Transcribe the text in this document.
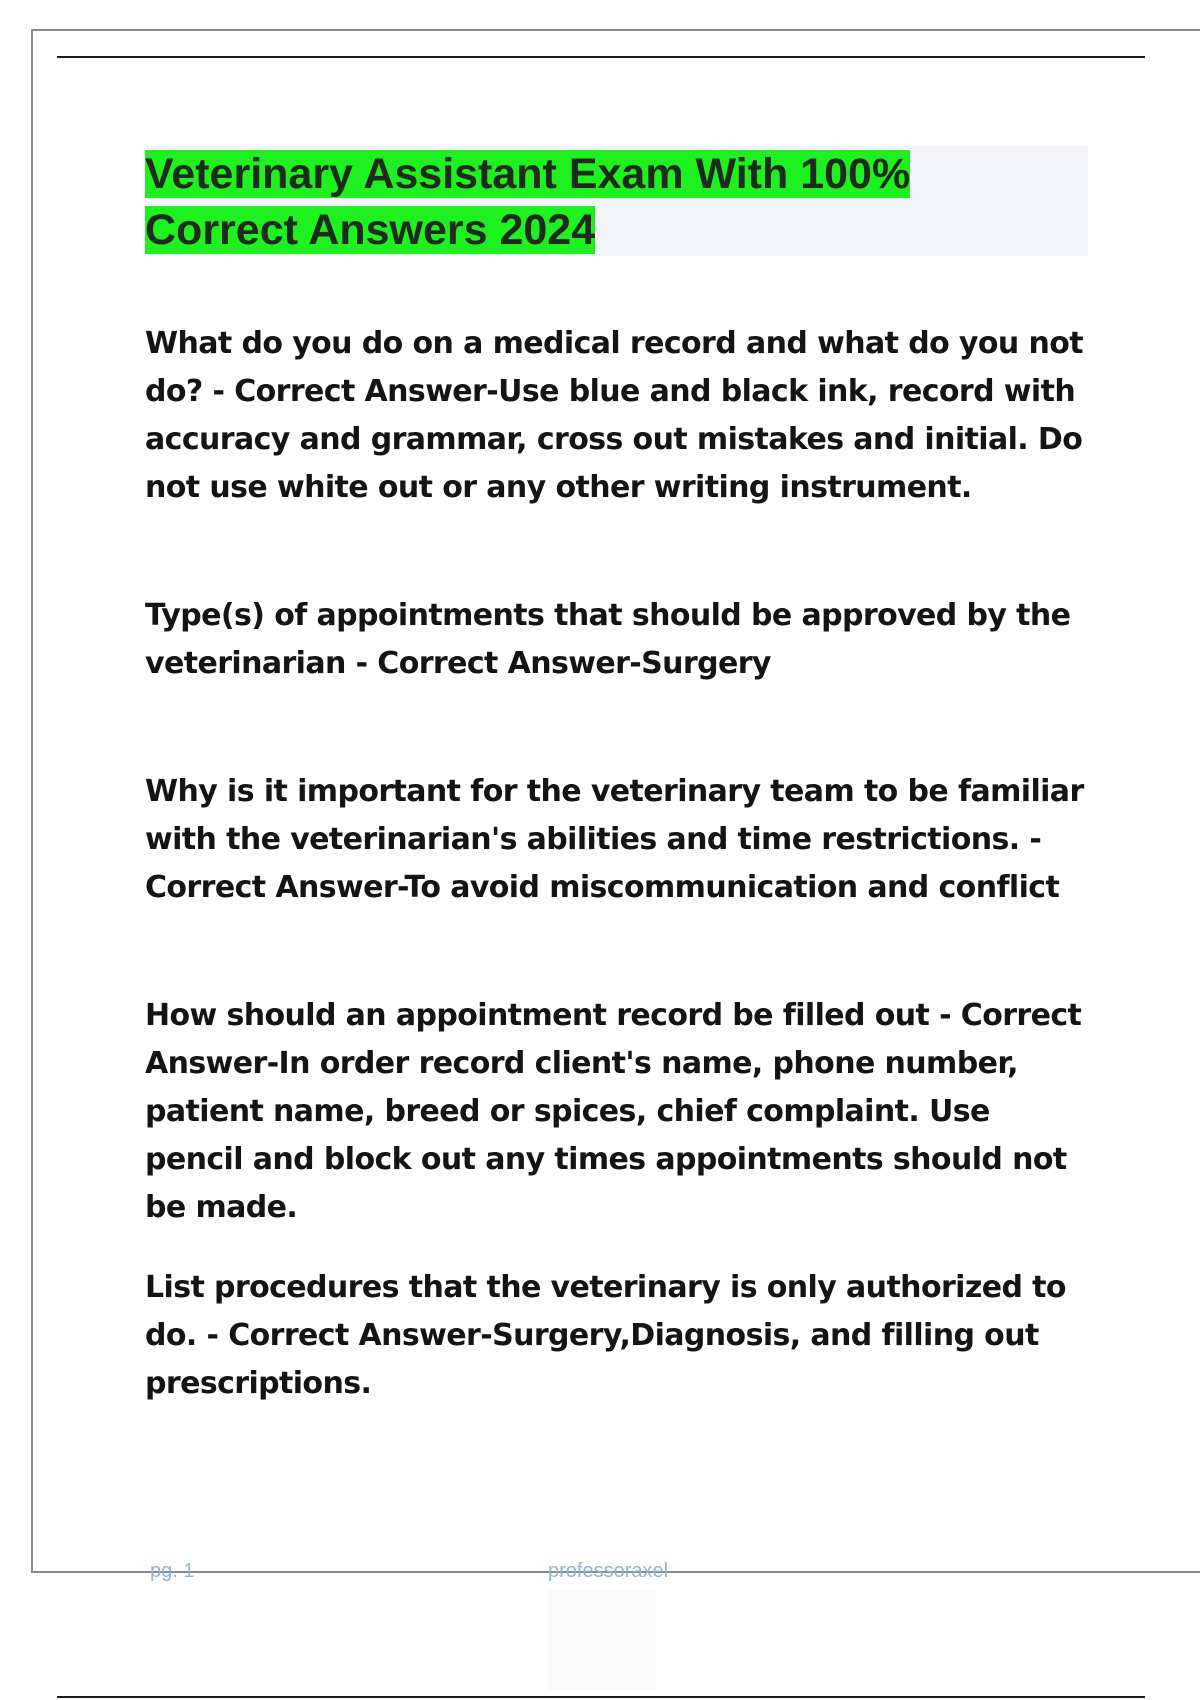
Veterinary Assistant Exam With 100%
Correct Answers 2024

What do you do on a medical record and what do you not do? - Correct Answer-Use blue and black ink, record with accuracy and grammar, cross out mistakes and initial. Do not use white out or any other writing instrument.

Type(s) of appointments that should be approved by the veterinarian - Correct Answer-Surgery

Why is it important for the veterinary team to be familiar with the veterinarian's abilities and time restrictions. - Correct Answer-To avoid miscommunication and conflict

How should an appointment record be filled out - Correct Answer-In order record client's name, phone number, patient name, breed or spices, chief complaint. Use pencil and block out any times appointments should not be made.

List procedures that the veterinary is only authorized to do. - Correct Answer-Surgery,Diagnosis, and filling out prescriptions.

pg. 1	professoraxel
